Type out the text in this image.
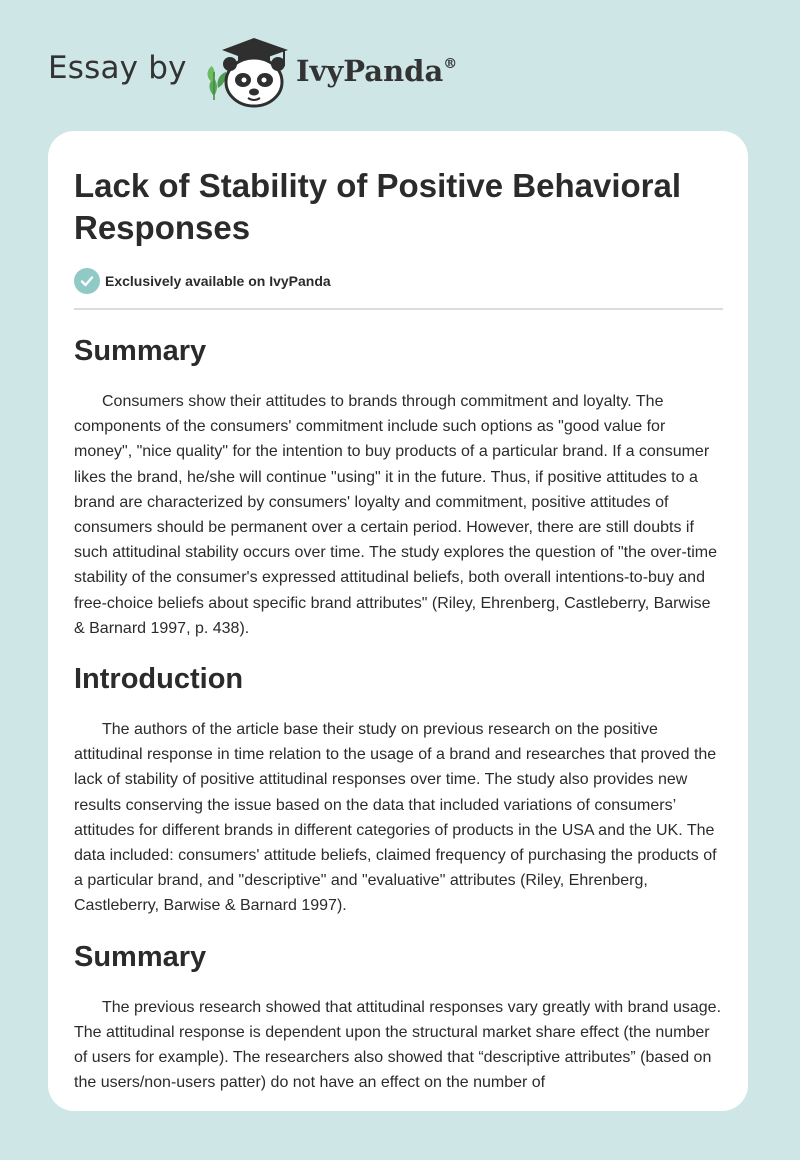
Essay by	IvyPanda®
Lack of Stability of Positive Behavioral Responses
Exclusively available on IvyPanda
Summary

Consumers show their attitudes to brands through commitment and loyalty. The components of the consumers' commitment include such options as "good value for money", "nice quality" for the intention to buy products of a particular brand. If a consumer likes the brand, he/she will continue "using" it in the future. Thus, if positive attitudes to a brand are characterized by consumers' loyalty and commitment, positive attitudes of consumers should be permanent over a certain period. However, there are still doubts if such attitudinal stability occurs over time. The study explores the question of "the over-time stability of the consumer's expressed attitudinal beliefs, both overall intentions-to-buy and free-choice beliefs about specific brand attributes" (Riley, Ehrenberg, Castleberry, Barwise & Barnard 1997, p. 438).

Introduction

The authors of the article base their study on previous research on the positive attitudinal response in time relation to the usage of a brand and researches that proved the lack of stability of positive attitudinal responses over time. The study also provides new results conserving the issue based on the data that included variations of consumers’ attitudes for different brands in different categories of products in the USA and the UK. The data included: consumers' attitude beliefs, claimed frequency of purchasing the products of a particular brand, and "descriptive" and "evaluative" attributes (Riley, Ehrenberg, Castleberry, Barwise & Barnard 1997).

Summary

The previous research showed that attitudinal responses vary greatly with brand usage. The attitudinal response is dependent upon the structural market share effect (the number of users for example). The researchers also showed that “descriptive attributes” (based on the users/non-users patter) do not have an effect on the number of
